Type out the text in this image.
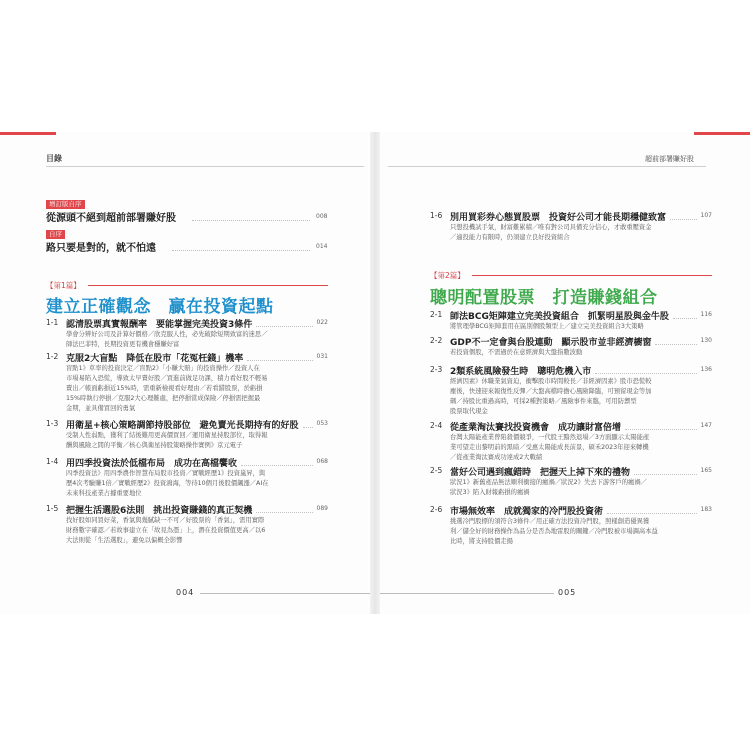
目錄	超前部署賺好股
增訂版自序
從源頭不絕到超前部署賺好股	008
自序
路只要是對的，就不怕遠	014
【第1篇】
建立正確觀念　贏在投資起點
1-1 認清股票真實報酬率　要能掌握完美投資3條件	022
學會分辨好公司及計算好價格／欣克服人性，必先破除短期致富的迷思／
師法巴菲特，長期投資更有機會穩賺好富
1-2 克服2大盲點　降低在股市「花冤枉錢」機率	031
盲點1》草率的投資決定／盲點2》「小賺大賠」的投資操作／投資人在
市場易陷入恐慌，導致太早賣好股／買進前做足功課，積力看好股不輕易
賣出／帳面虧損近15%時，需重新檢視看好理由／若看錯股票，於虧損
15%時執行停損／克服2大心理難處，把停損當成保險／停損需把握最
金期，並具備買回的勇氣
1-3 用衛星+核心策略調節持股部位　避免賣光長期持有的好股	053
受制人性弱點，獲利了結後難用更高價買回／運用衛星持股部位，取得報
酬與風險之間的平衡／核心與衛星持股策略操作實例》京元電子
1-4 用四季投資法於低檔布局　成功在高檔饗收	068
四季投資法》用四季農作智慧布局股市投資／實戰經歷1》投資嵐昇，與
歷4次考驗賺1倍／實戰經歷2》投資鴻海，等待10個月後股價飆漲／AI在
未來科技產業占據重要地位
1-5 把握生活選股6法則　挑出投資賺錢的真正契機	089
找好股如同買好菜，香氣與幾膩缺一不可／好股票的「香氣」，需用實際
財務數字確認／若故事建立在「故見為憑」上，潛在投資價值更高／以6
大法則從「生活選股」，避免以偏概全影響
1-6 別用買彩券心態買股票　投資好公司才能長期穩健致富	107
只想投機試手氣，財富難累積／唯有對公司具備充分信心，才敢重壓資金
／適投能力有限時，仍須建立良好投資組合
【第2篇】
聰明配置股票　打造賺錢組合
2-1 師法BCG矩陣建立完美投資組合　抓緊明星股與金牛股	116
將管理學BCG矩陣套用在區別個股類型上／建立完美投資組合3大策略
2-2 GDP不一定會與台股連動　顯示股市並非經濟櫥窗	130
若投資個股，不需過於在意經濟與大盤指數波動
2-3 2類系統風險發生時　聰明危機入市	136
經濟因素》休職業氣資迫，衝擊股市時間較長／非經濟因素》股市恐慌較
塵後，快速迎來報復性反彈／大盤高檔時擔心風險降臨，可預留現金等加
碼／持股比重過高時，可採2種對策略／風險事件來臨，可用防禦型
股票取代現金
2-4 從產業淘汰賽找投資機會　成功讓財富倍增	147
台灣太陽能產業曾陷殺價競爭，一代股王黯然退場／3方面顯示太陽能產
業可望走出黎明前的黑暗／受惠太陽能成長前景，碩禾2023年迎來轉機
／從產業淘汰賽成功達成2大戰績
2-5 當好公司遇到瘋錯時　把握天上掉下來的禮物	165
狀況1》新舊產品無法順利衝接的瘋禍／狀況2》失去下游客戶的瘋禍／
狀況3》陷入財報虧損的瘋禍
2-6 市場無效率　成就獨家的冷門股投資術	183
挑選冷門股標的須符合3條件／用正確方法投資冷門股，照樣創造優異獲
利／儲全好的財務操作為品分是否為地雷股的關鍵／冷門股被市場調高本益
比時，將支持股價走揚
004	005
